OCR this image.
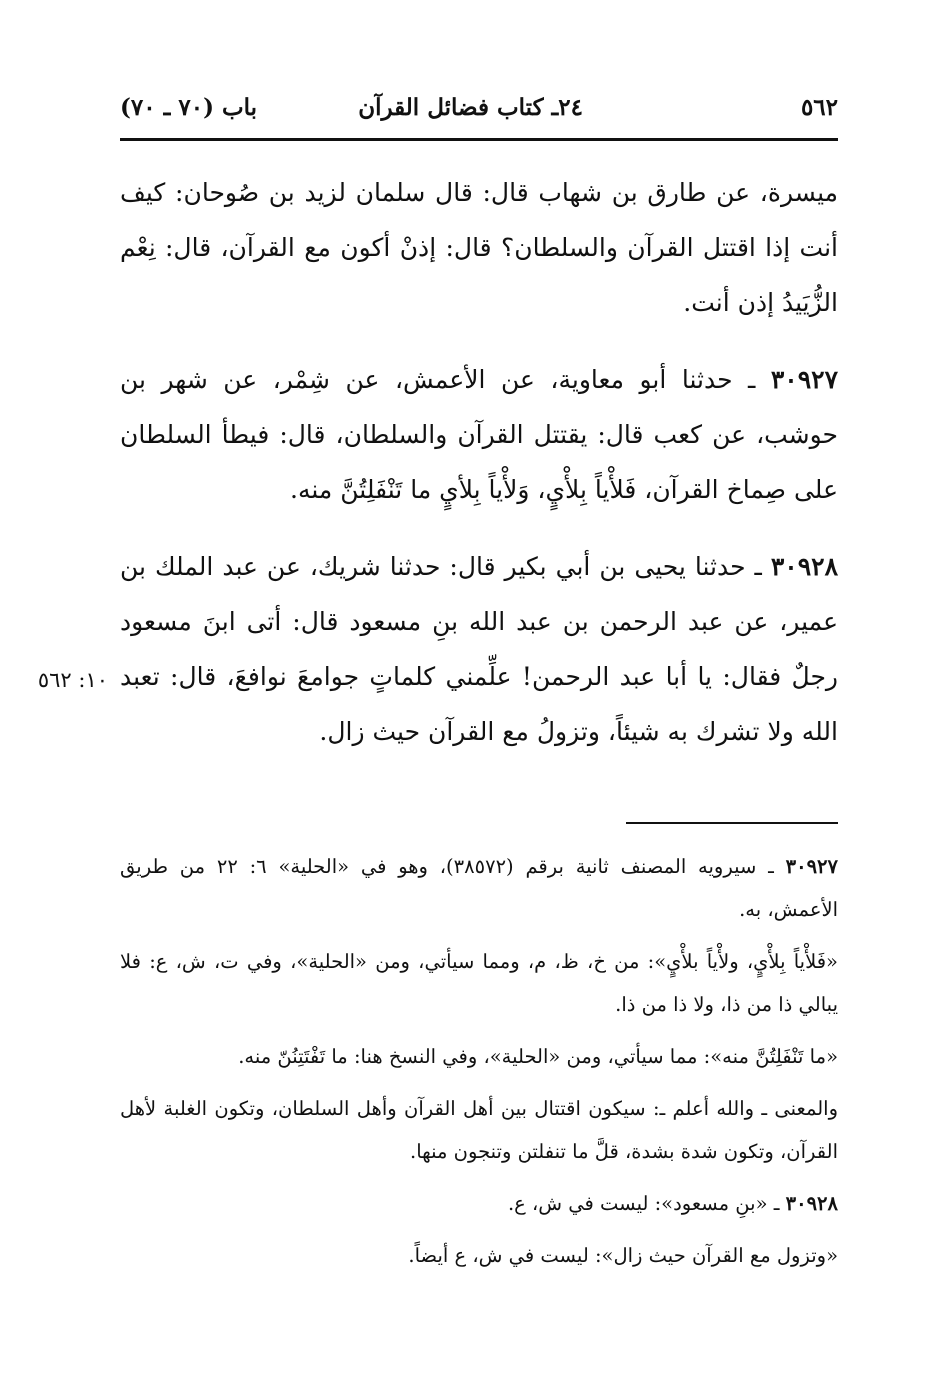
٥٦٢
٢٤ـ كتاب فضائل القرآن
باب (٧٠ ـ ٧٠)

ميسرة، عن طارق بن شهاب قال: قال سلمان لزيد بن صُوحان: كيف أنت إذا اقتتل القرآن والسلطان؟ قال: إذنْ أكون مع القرآن، قال: نِعْم الزُّيَيدُ إذن أنت.

٣٠٩٢٧ ـ حدثنا أبو معاوية، عن الأعمش، عن شِمْر، عن شهر بن حوشب، عن كعب قال: يقتتل القرآن والسلطان، قال: فيطأ السلطان على صِماخ القرآن، فَلأْياً بِلأْيٍ، وَلأْياً بِلأيٍ ما تَنْفَلِتُنَّ منه.

٣٠٩٢٨ ـ حدثنا يحيى بن أبي بكير قال: حدثنا شريك، عن عبد الملك بن عمير، عن عبد الرحمن بن عبد الله بنِ مسعود قال: أتى ابنَ مسعود رجلٌ فقال: يا أبا عبد الرحمن! علِّمني كلماتٍ جوامعَ نوافعَ، قال: تعبد الله ولا تشرك به شيئاً، وتزولُ مع القرآن حيث زال.

١٠: ٥٦٢

٣٠٩٢٧ ـ سيرويه المصنف ثانية برقم (٣٨٥٧٢)، وهو في «الحلية» ٦: ٢٢ من طريق الأعمش، به.

«فَلأْياً بِلأْيٍ، ولأْياً بلأْيٍ»: من خ، ظ، م، ومما سيأتي، ومن «الحلية»، وفي ت، ش، ع: فلا يبالي ذا من ذا، ولا ذا من ذا.

«ما تَنْفَلِتُنَّ منه»: مما سيأتي، ومن «الحلية»، وفي النسخ هنا: ما تَفْتَتِنُنّ منه.

والمعنى ـ والله أعلم ـ: سيكون اقتتال بين أهل القرآن وأهل السلطان، وتكون الغلبة لأهل القرآن، وتكون شدة بشدة، قلَّ ما تنفلتن وتنجون منها.

٣٠٩٢٨ ـ «بنِ مسعود»: ليست في ش، ع.

«وتزول مع القرآن حيث زال»: ليست في ش، ع أيضاً.
